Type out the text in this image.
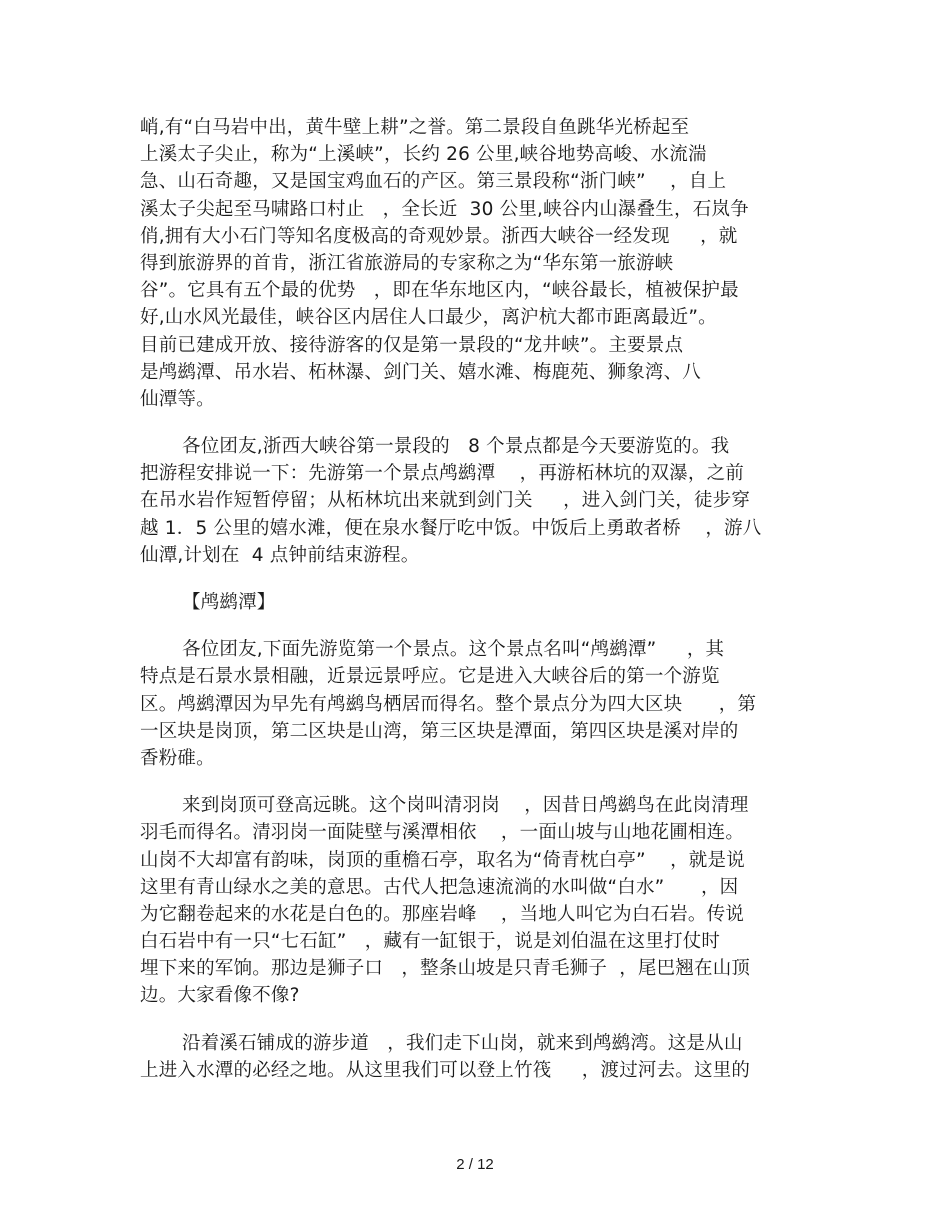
峭,有“白马岩中出，黄牛壁上耕”之誉。第二景段自鱼跳华光桥起至
上溪太子尖止，称为“上溪峡”，长约 26 公里,峡谷地势高峻、水流湍
急、山石奇趣，又是国宝鸡血石的产区。第三景段称“浙门峡”    ，自上
溪太子尖起至马啸路口村止   ，全长近  30 公里,峡谷内山瀑叠生，石岚争
俏,拥有大小石门等知名度极高的奇观妙景。浙西大峡谷一经发现     ，就
得到旅游界的首肯，浙江省旅游局的专家称之为“华东第一旅游峡
谷”。它具有五个最的优势   ，即在华东地区内，“峡谷最长，植被保护最
好,山水风光最佳，峡谷区内居住人口最少，离沪杭大都市距离最近”。
目前已建成开放、接待游客的仅是第一景段的“龙井峡”。主要景点
是鸬鹚潭、吊水岩、柘林瀑、剑门关、嬉水滩、梅鹿苑、狮象湾、八
仙潭等。
各位团友,浙西大峡谷第一景段的   8 个景点都是今天要游览的。我
把游程安排说一下：先游第一个景点鸬鹚潭    ，再游柘林坑的双瀑，之前
在吊水岩作短暂停留；从柘林坑出来就到剑门关     ，进入剑门关，徒步穿
越 1．5 公里的嬉水滩，便在泉水餐厅吃中饭。中饭后上勇敢者桥    ，游八
仙潭,计划在  4 点钟前结束游程。
【鸬鹚潭】
各位团友,下面先游览第一个景点。这个景点名叫“鸬鹚潭”     ，其
特点是石景水景相融，近景远景呼应。它是进入大峡谷后的第一个游览
区。鸬鹚潭因为早先有鸬鹚鸟栖居而得名。整个景点分为四大区块      ，第
一区块是岗顶，第二区块是山湾，第三区块是潭面，第四区块是溪对岸的
香粉碓。
来到岗顶可登高远眺。这个岗叫清羽岗    ，因昔日鸬鹚鸟在此岗清理
羽毛而得名。清羽岗一面陡壁与溪潭相依    ，一面山坡与山地花圃相连。
山岗不大却富有韵味，岗顶的重檐石亭，取名为“倚青枕白亭”    ，就是说
这里有青山绿水之美的意思。古代人把急速流淌的水叫做“白水”      ，因
为它翻卷起来的水花是白色的。那座岩峰    ，当地人叫它为白石岩。传说
白石岩中有一只“七石缸”   ，藏有一缸银于，说是刘伯温在这里打仗时
埋下来的军饷。那边是狮子口   ，整条山坡是只青毛狮子  ，尾巴翘在山顶
边。大家看像不像?
沿着溪石铺成的游步道   ，我们走下山岗，就来到鸬鹚湾。这是从山
上进入水潭的必经之地。从这里我们可以登上竹筏     ，渡过河去。这里的
2 / 12
